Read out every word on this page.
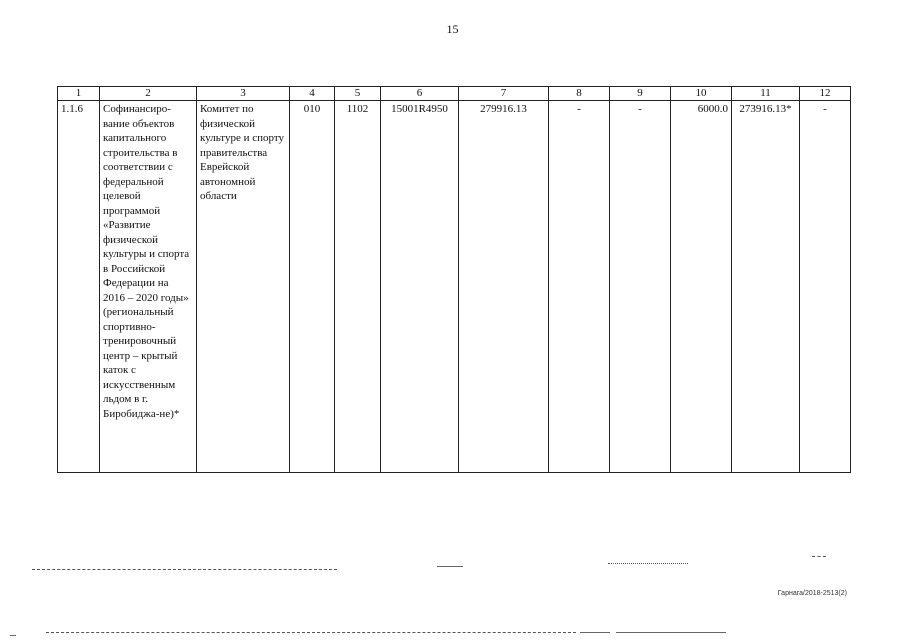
15
1	2	3	4	5	6	7	8	9	10	11	12
1.1.6	Софинансиро-вание объектов капитального строительства в соответствии с федеральной целевой программой «Развитие физической культуры и спорта в Российской Федерации на 2016 – 2020 годы» (региональный спортивно-тренировочный центр – крытый каток с искусственным льдом в г. Биробиджа-не)*	Комитет по физической культуре и спорту правительства Еврейской автономной области	010	1102	15001R4950	279916.13	-	-	6000.0	273916.13*	-
Гарнага/2018-2513(2)
